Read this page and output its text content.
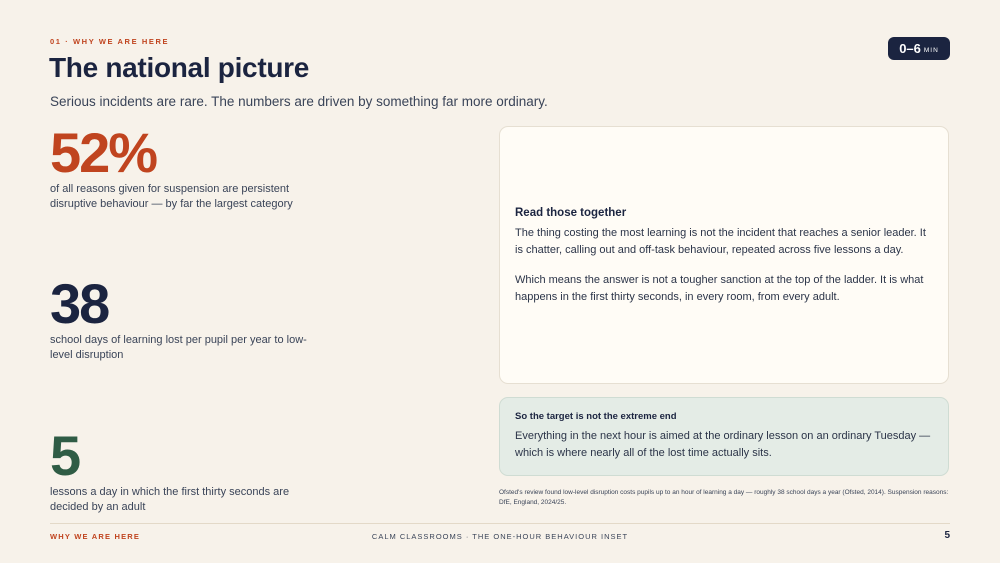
01 · WHY WE ARE HERE
The national picture
Serious incidents are rare. The numbers are driven by something far more ordinary.
0–6 MIN
52%
of all reasons given for suspension are persistent disruptive behaviour — by far the largest category
38
school days of learning lost per pupil per year to low-level disruption
5
lessons a day in which the first thirty seconds are decided by an adult
Read those together

The thing costing the most learning is not the incident that reaches a senior leader. It is chatter, calling out and off-task behaviour, repeated across five lessons a day.

Which means the answer is not a tougher sanction at the top of the ladder. It is what happens in the first thirty seconds, in every room, from every adult.

So the target is not the extreme end
Everything in the next hour is aimed at the ordinary lesson on an ordinary Tuesday — which is where nearly all of the lost time actually sits.
Ofsted's review found low-level disruption costs pupils up to an hour of learning a day — roughly 38 school days a year (Ofsted, 2014). Suspension reasons: DfE, England, 2024/25.
WHY WE ARE HERE	CALM CLASSROOMS · THE ONE-HOUR BEHAVIOUR INSET	5
